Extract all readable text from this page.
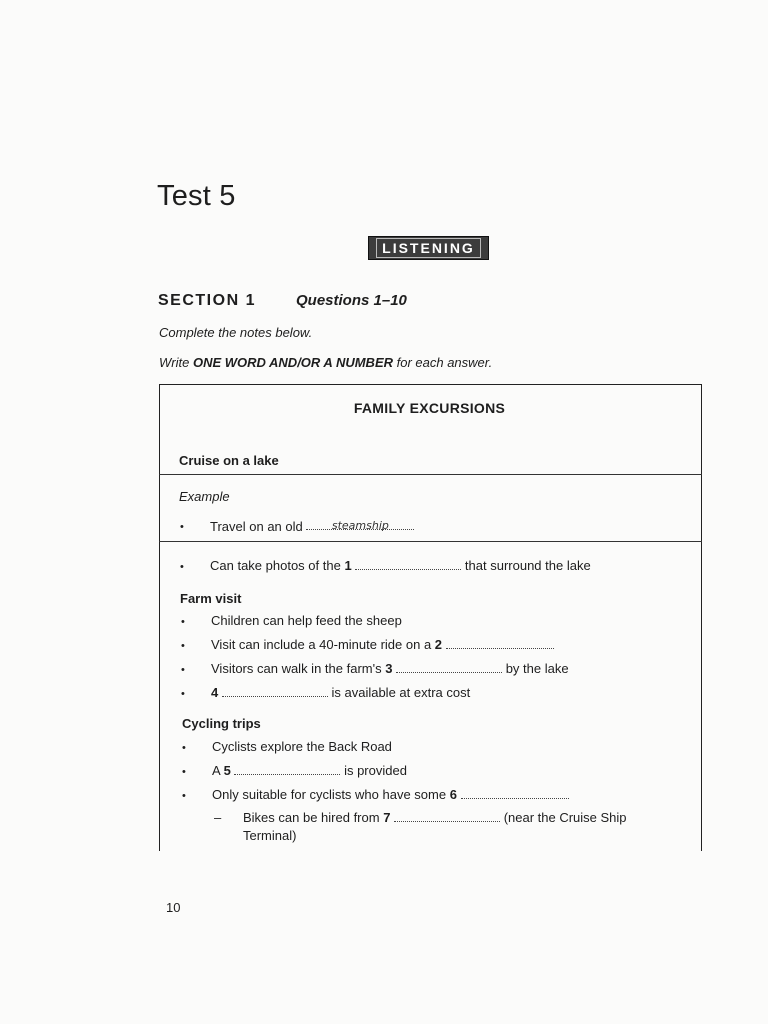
Test 5
LISTENING
SECTION 1	Questions 1–10
Complete the notes below.
Write ONE WORD AND/OR A NUMBER for each answer.
FAMILY EXCURSIONS
Cruise on a lake
Example
• Travel on an old	steamship
• Can take photos of the 1	that surround the lake
Farm visit
• Children can help feed the sheep
• Visit can include a 40-minute ride on a 2
• Visitors can walk in the farm's 3	by the lake
• 4	is available at extra cost
Cycling trips
• Cyclists explore the Back Road
• A 5	is provided
• Only suitable for cyclists who have some 6
– Bikes can be hired from 7	(near the Cruise Ship
Terminal)
10
